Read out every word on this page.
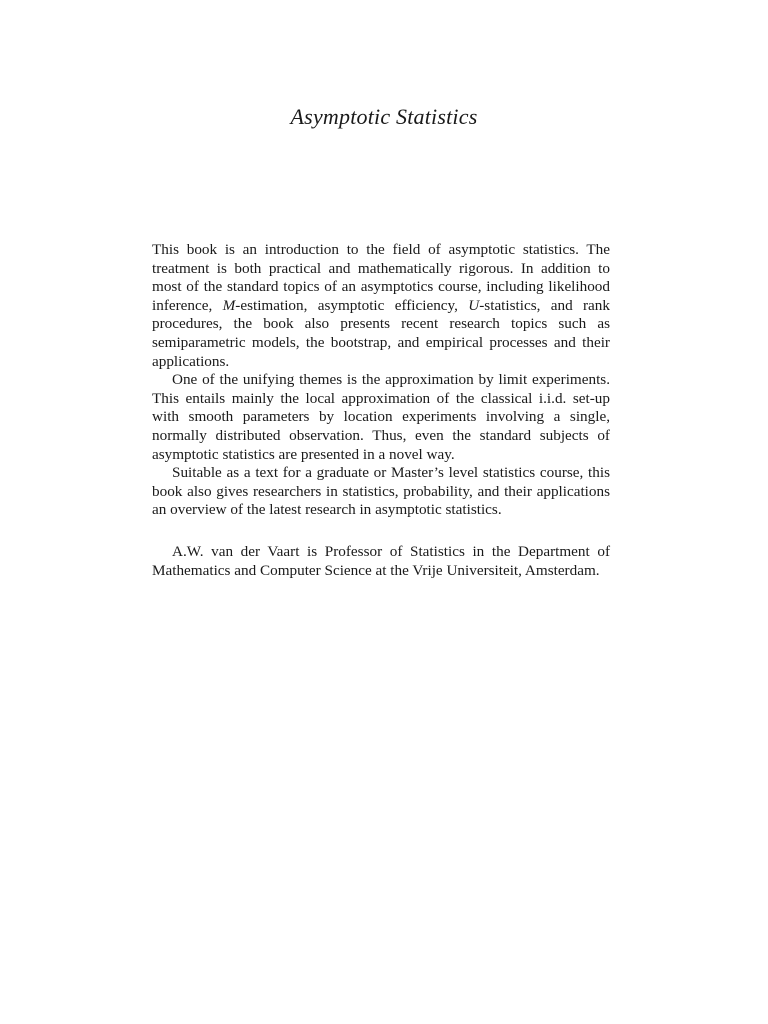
Asymptotic Statistics

This book is an introduction to the field of asymptotic statistics. The treatment is both practical and mathematically rigorous. In addition to most of the standard topics of an asymptotics course, including likelihood inference, M-estimation, asymptotic efficiency, U-statistics, and rank procedures, the book also presents recent research topics such as semiparametric models, the bootstrap, and empirical processes and their applications.

One of the unifying themes is the approximation by limit experiments. This entails mainly the local approximation of the classical i.i.d. set-up with smooth parameters by location experiments involving a single, normally distributed observation. Thus, even the standard subjects of asymptotic statistics are presented in a novel way.

Suitable as a text for a graduate or Master’s level statistics course, this book also gives researchers in statistics, probability, and their applications an overview of the latest research in asymptotic statistics.

A.W. van der Vaart is Professor of Statistics in the Department of Mathematics and Computer Science at the Vrije Universiteit, Amsterdam.
